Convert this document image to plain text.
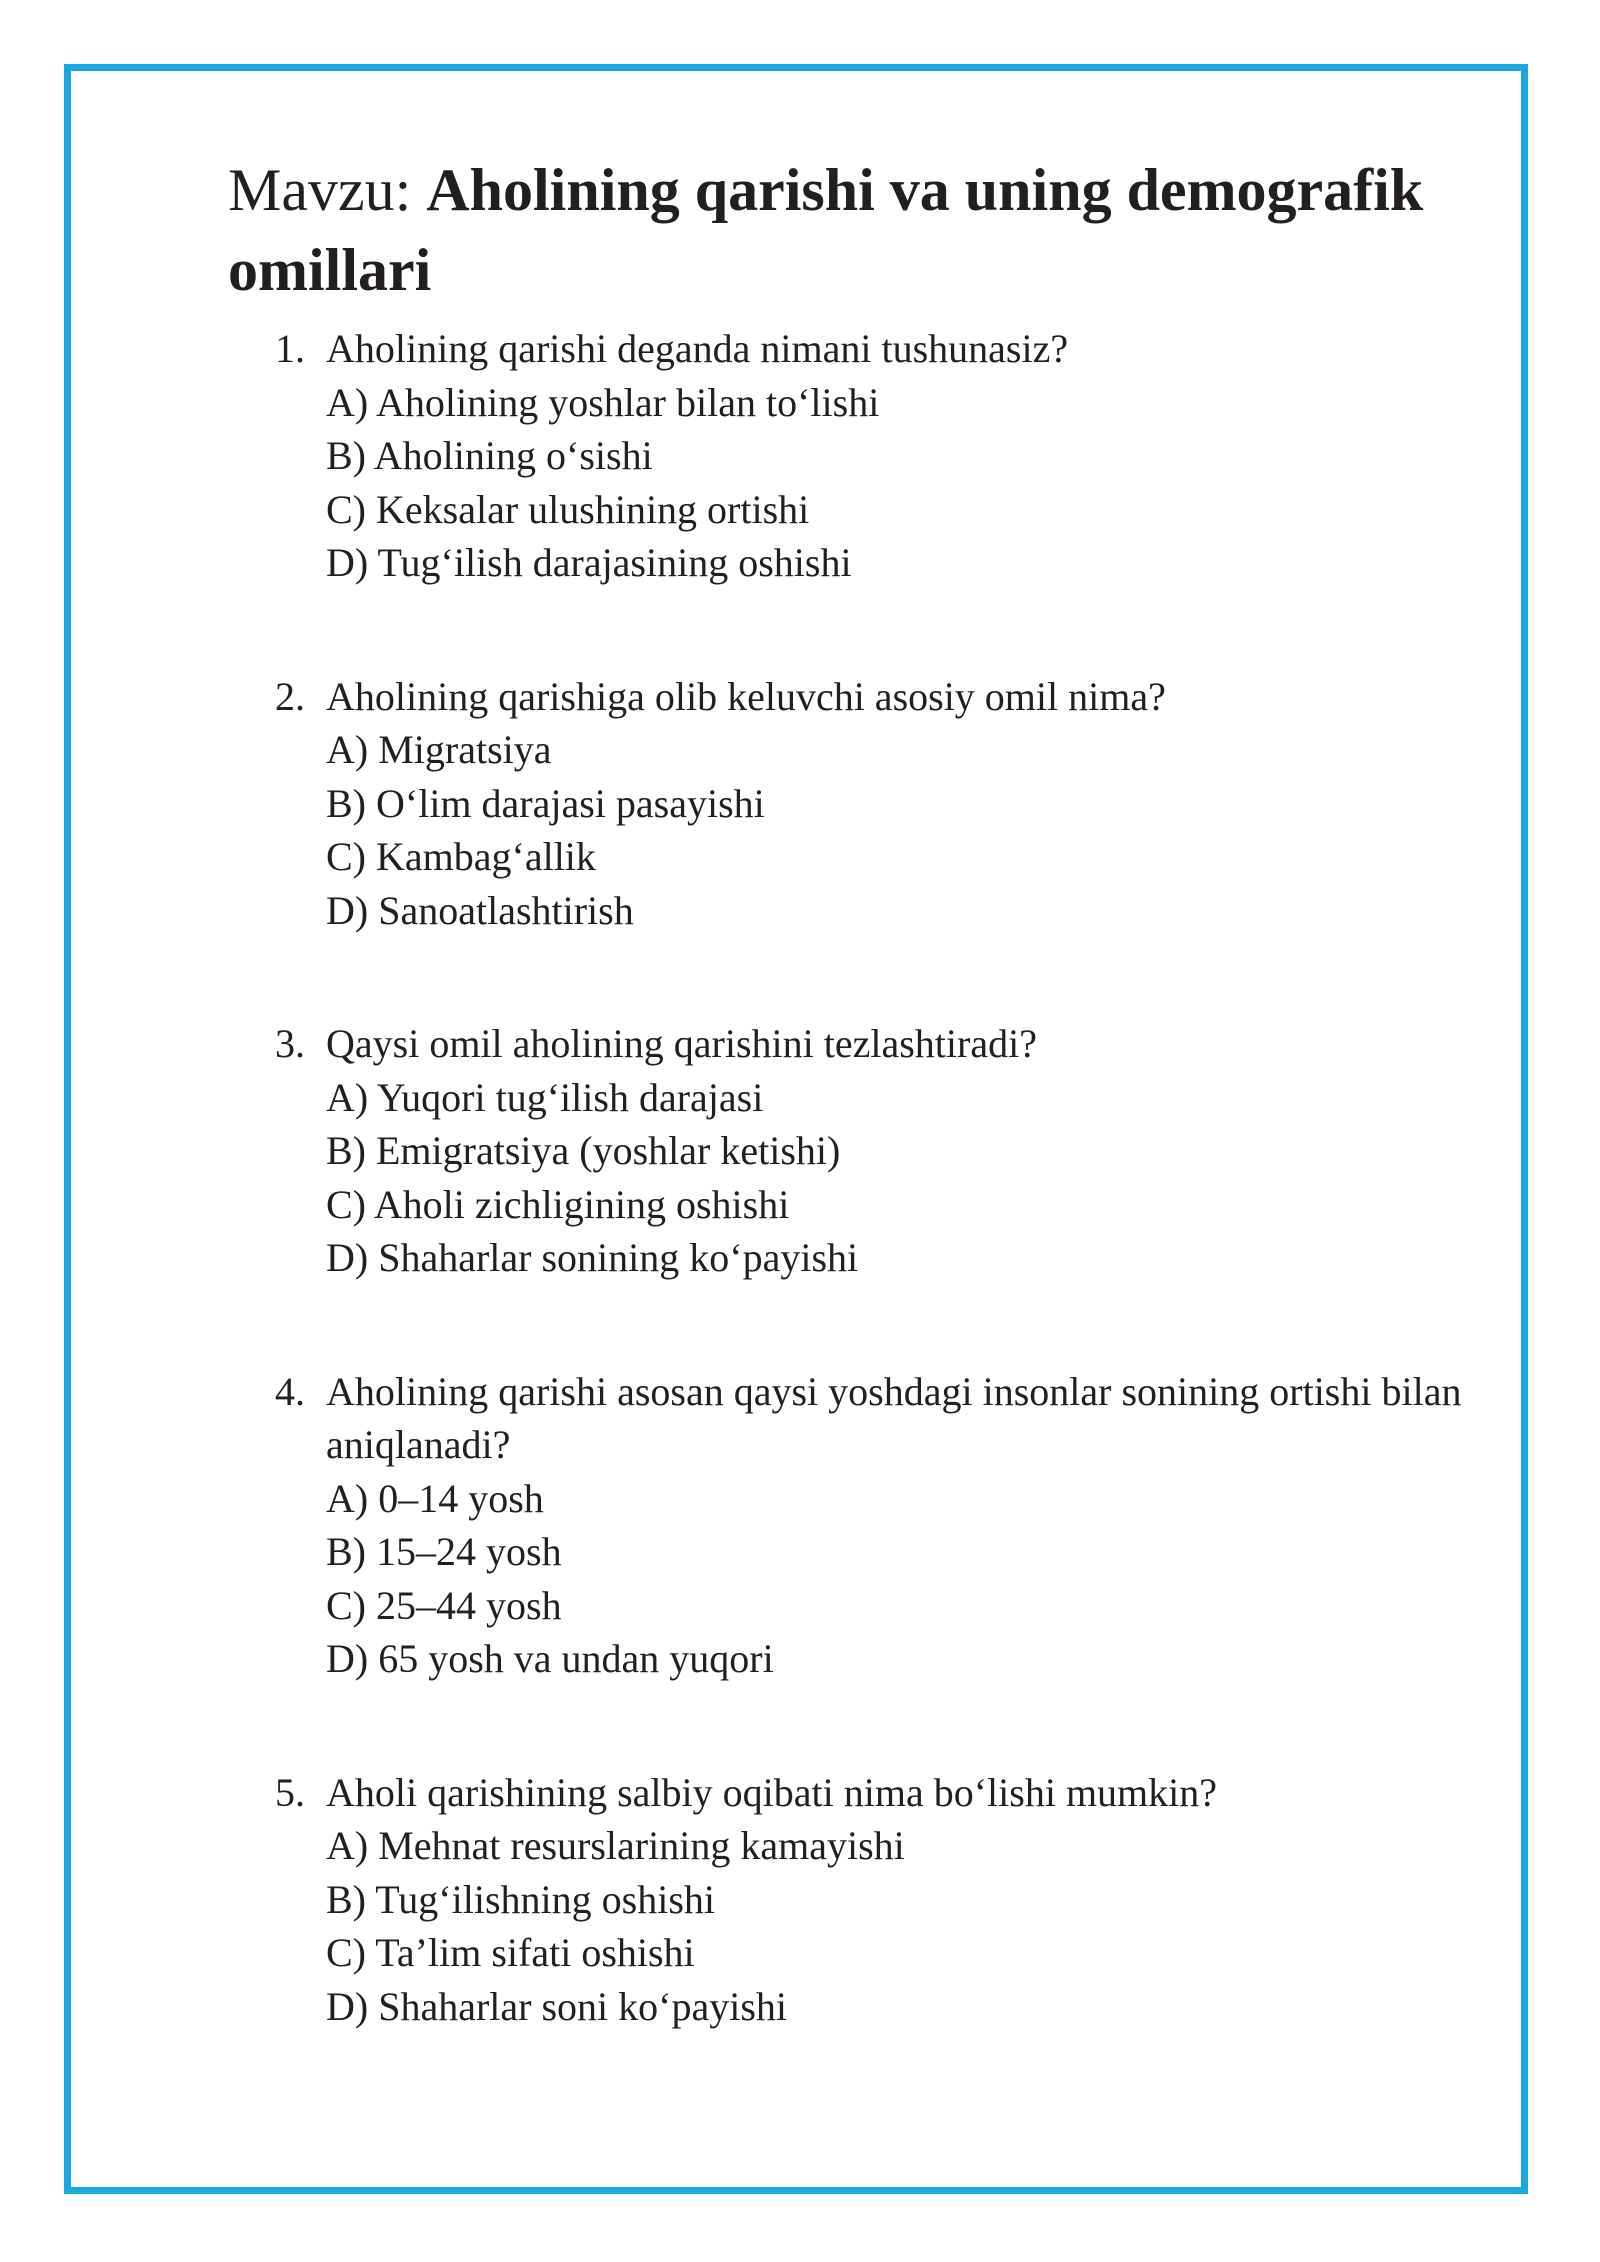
Mavzu: Aholining qarishi va uning demografik omillari
1. Aholining qarishi deganda nimani tushunasiz?
A) Aholining yoshlar bilan to‘lishi
B) Aholining o‘sishi
C) Keksalar ulushining ortishi
D) Tug‘ilish darajasining oshishi
2. Aholining qarishiga olib keluvchi asosiy omil nima?
A) Migratsiya
B) O‘lim darajasi pasayishi
C) Kambag‘allik
D) Sanoatlashtirish
3. Qaysi omil aholining qarishini tezlashtiradi?
A) Yuqori tug‘ilish darajasi
B) Emigratsiya (yoshlar ketishi)
C) Aholi zichligining oshishi
D) Shaharlar sonining ko‘payishi
4. Aholining qarishi asosan qaysi yoshdagi insonlar sonining ortishi bilan aniqlanadi?
A) 0–14 yosh
B) 15–24 yosh
C) 25–44 yosh
D) 65 yosh va undan yuqori
5. Aholi qarishining salbiy oqibati nima bo‘lishi mumkin?
A) Mehnat resurslarining kamayishi
B) Tug‘ilishning oshishi
C) Ta’lim sifati oshishi
D) Shaharlar soni ko‘payishi
